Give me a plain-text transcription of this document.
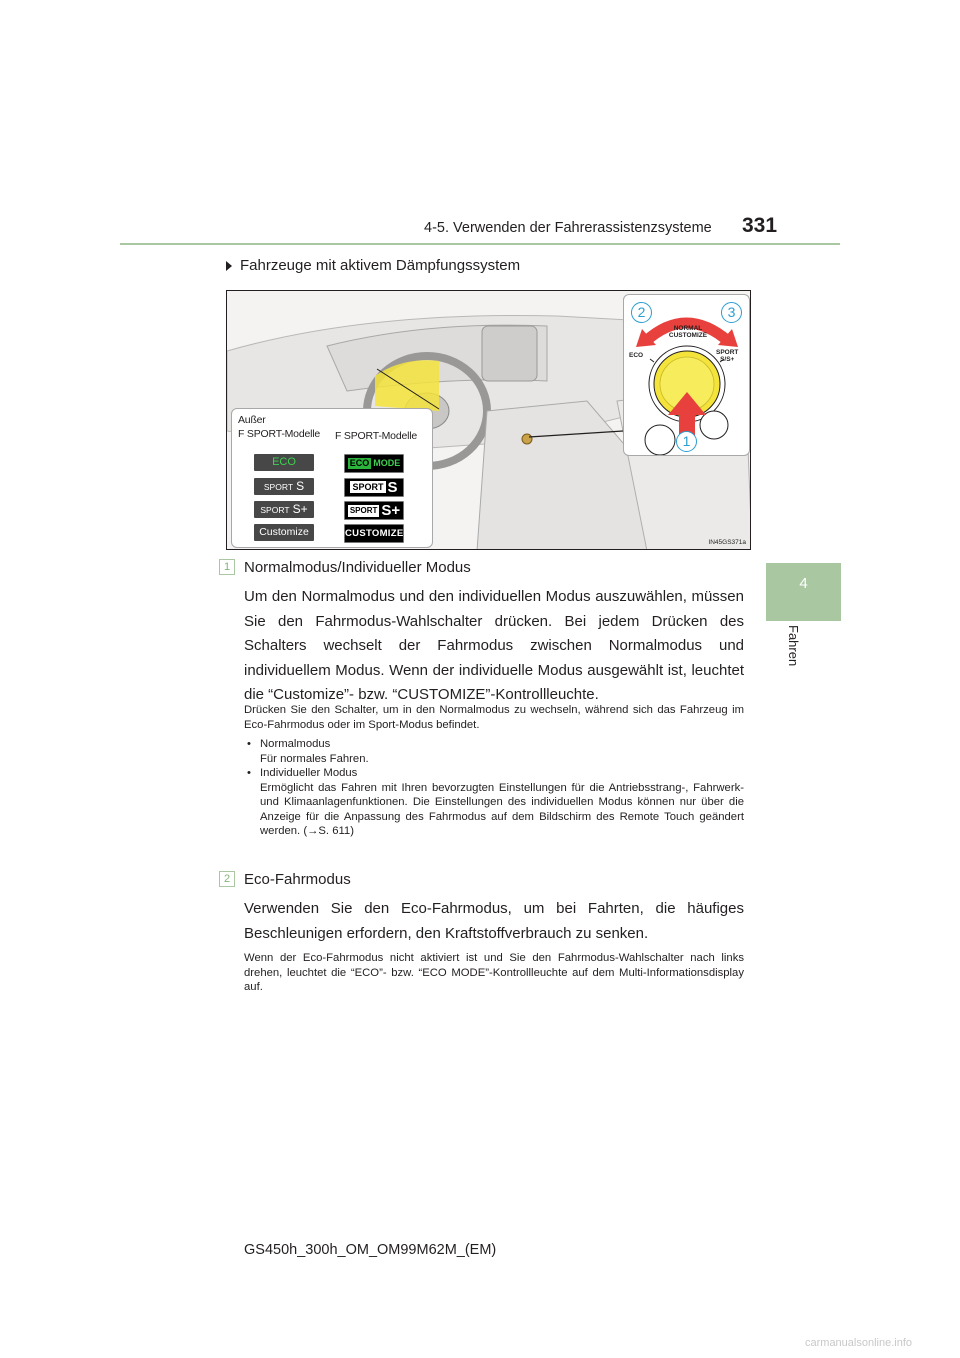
4-5. Verwenden der Fahrerassistenzsysteme 331
4
Fahren
Fahrzeuge mit aktivem Dämpfungssystem
Außer
F SPORT-Modelle F SPORT-Modelle
ECO
SPORT S
SPORT S+
Customize
ECO MODE
SPORT S
SPORT S+
CUSTOMIZE
NORMAL
CUSTOMIZE
ECO	SPORT
S/S+
2	3
1
IN45GS371a
1 Normalmodus/Individueller Modus
Um den Normalmodus und den individuellen Modus auszuwählen, müssen Sie den Fahrmodus-Wahlschalter drücken. Bei jedem Drücken des Schalters wechselt der Fahrmodus zwischen Normalmodus und individuellem Modus. Wenn der individuelle Modus ausgewählt ist, leuchtet die “Customize”- bzw. “CUSTOMIZE”-Kontrollleuchte.
Drücken Sie den Schalter, um in den Normalmodus zu wechseln, während sich das Fahrzeug im Eco-Fahrmodus oder im Sport-Modus befindet.
• Normalmodus
Für normales Fahren.
• Individueller Modus
Ermöglicht das Fahren mit Ihren bevorzugten Einstellungen für die Antriebsstrang-, Fahrwerk- und Klimaanlagenfunktionen. Die Einstellungen des individuellen Modus können nur über die Anzeige für die Anpassung des Fahrmodus auf dem Bildschirm des Remote Touch geändert werden. (→S. 611)
2 Eco-Fahrmodus
Verwenden Sie den Eco-Fahrmodus, um bei Fahrten, die häufiges Beschleunigen erfordern, den Kraftstoffverbrauch zu senken.
Wenn der Eco-Fahrmodus nicht aktiviert ist und Sie den Fahrmodus-Wahlschalter nach links drehen, leuchtet die “ECO”- bzw. “ECO MODE”-Kontrollleuchte auf dem Multi-Informationsdisplay auf.
GS450h_300h_OM_OM99M62M_(EM)
carmanualsonline.info
